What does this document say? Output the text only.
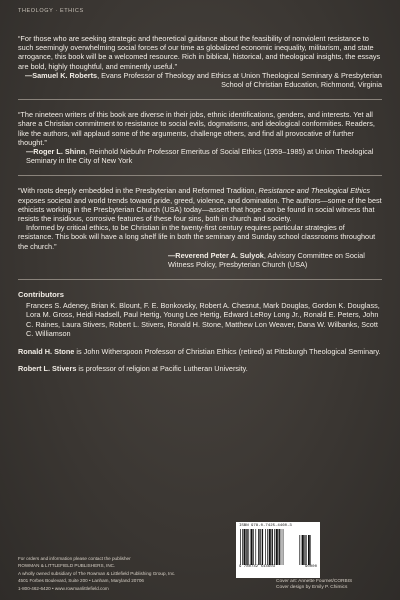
THEOLOGY · ETHICS

“For those who are seeking strategic and theoretical guidance about the feasibility of nonviolent resistance to such seemingly overwhelming social forces of our time as globalized economic inequality, militarism, and state arrogance, this book will be a welcomed resource. Rich in biblical, historical, and theological insights, the essays are bold, highly thoughtful, and eminently useful.”

—Samuel K. Roberts, Evans Professor of Theology and Ethics at Union Theological Seminary & Presbyterian School of Christian Education, Richmond, Virginia

“The nineteen writers of this book are diverse in their jobs, ethnic identifications, genders, and interests. Yet all share a Christian commitment to resistance to social evils, dogmatisms, and ideological conformities. Readers, like the authors, will applaud some of the arguments, challenge others, and find all provocative of further thought.”

—Roger L. Shinn, Reinhold Niebuhr Professor Emeritus of Social Ethics (1959–1985) at Union Theological Seminary in the City of New York

“With roots deeply embedded in the Presbyterian and Reformed Tradition, Resistance and Theological Ethics exposes societal and world trends toward pride, greed, violence, and domination. The authors—some of the best ethicists working in the Presbyterian Church (USA) today—assert that hope can be found in social witness that resists the insidious, corrosive features of these four sins, both in church and society.

Informed by critical ethics, to be Christian in the twenty-first century requires particular strategies of resistance. This book will have a long shelf life in both the seminary and Sunday school classrooms throughout the church.”

—Reverend Peter A. Sulyok, Advisory Committee on Social Witness Policy, Presbyterian Church (USA)
Contributors
Frances S. Adeney, Brian K. Blount, F. E. Bonkovsky, Robert A. Chesnut, Mark Douglas, Gordon K. Douglass, Lora M. Gross, Heidi Hadsell, Paul Hertig, Young Lee Hertig, Edward LeRoy Long Jr., Ronald E. Peters, John C. Raines, Laura Stivers, Robert L. Stivers, Ronald H. Stone, Matthew Lon Weaver, Dana W. Wilbanks, Scott C. Williamson
Ronald H. Stone is John Witherspoon Professor of Christian Ethics (retired) at Pittsburgh Theological Seminary.
Robert L. Stivers is professor of religion at Pacific Lutheran University.
For orders and information please contact the publisher
ROWMAN & LITTLEFIELD PUBLISHERS, INC.
A wholly owned subsidiary of The Rowman & Littlefield Publishing Group, Inc.
4501 Forbes Boulevard, Suite 200 • Lanham, Maryland 20706
1-800-462-6420 • www.rowmanlittlefield.com
ISBN 978-0-7425-4460-3
9 780742 544603	90000
Cover art: Annette Fournet/CORBIS
Cover design by Emily P. Chimics
